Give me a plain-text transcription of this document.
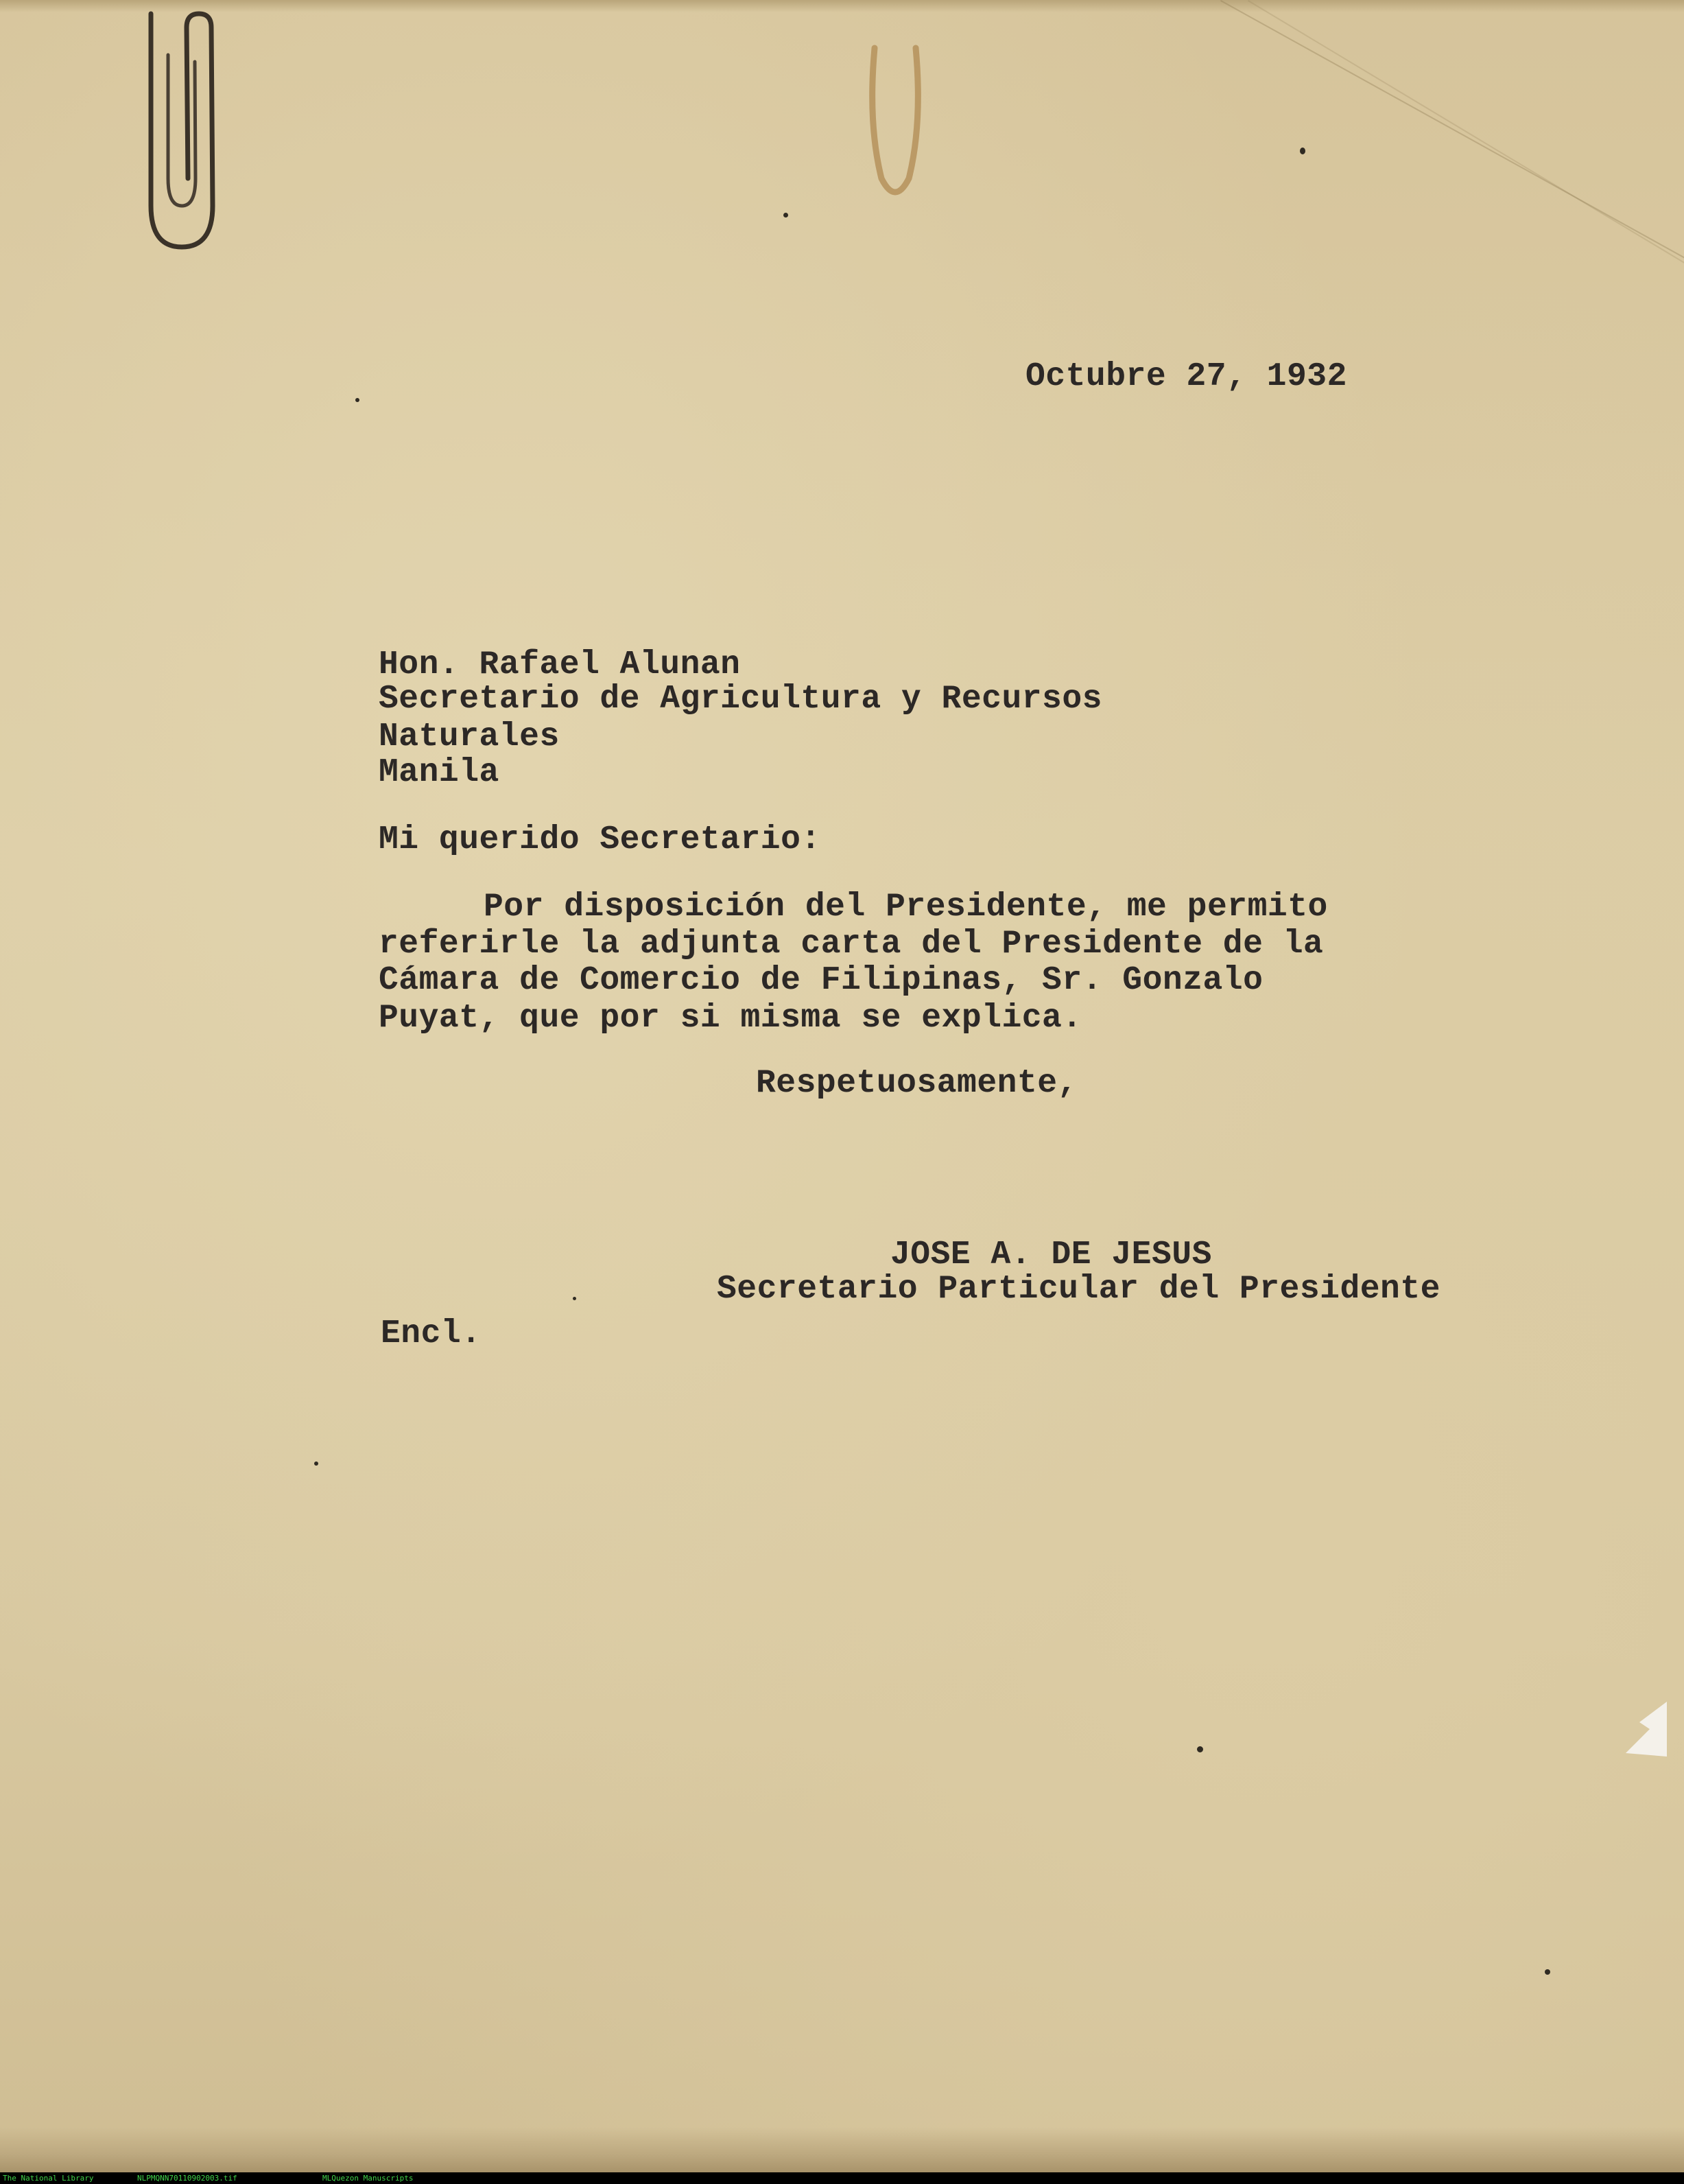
Octubre 27, 1932
Hon. Rafael Alunan
Secretario de Agricultura y Recursos
Naturales
Manila
Mi querido Secretario:
Por disposición del Presidente, me permito
referirle la adjunta carta del Presidente de la
Cámara de Comercio de Filipinas, Sr. Gonzalo
Puyat, que por si misma se explica.
Respetuosamente,
JOSE A. DE JESUS
Secretario Particular del Presidente
Encl.
The National Library	NLPMQNN70110902003.tif	MLQuezon Manuscripts
